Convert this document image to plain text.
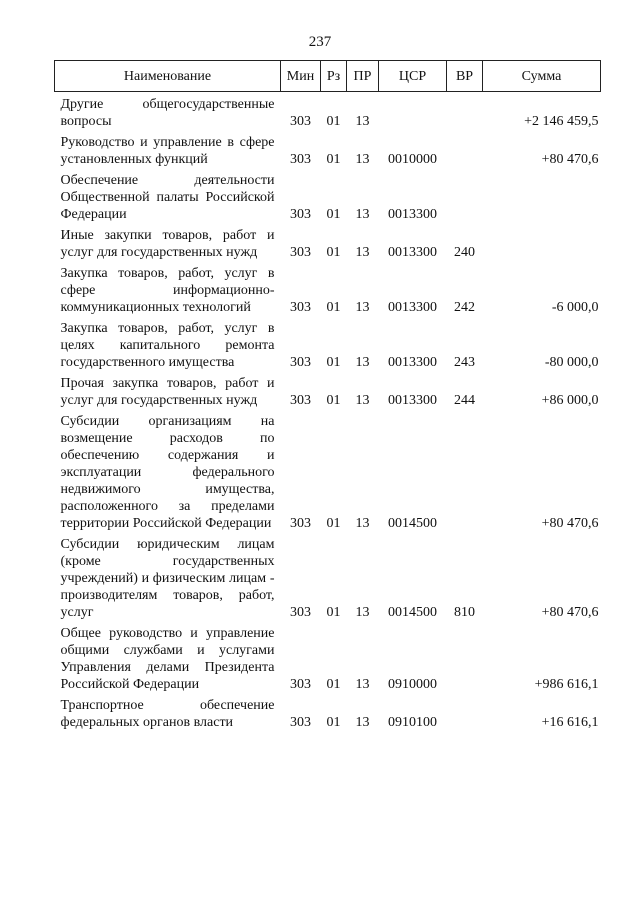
237
Наименование	Мин	Рз	ПР	ЦСР	ВР	Сумма
Другие общегосударственные вопросы	303	01	13			+2 146 459,5
Руководство и управление в сфере установленных функций	303	01	13	0010000		+80 470,6
Обеспечение деятельности Общественной палаты Российской Федерации	303	01	13	0013300		
Иные закупки товаров, работ и услуг для государственных нужд	303	01	13	0013300	240	
Закупка товаров, работ, услуг в сфере информационно-коммуникационных технологий	303	01	13	0013300	242	-6 000,0
Закупка товаров, работ, услуг в целях капитального ремонта государственного имущества	303	01	13	0013300	243	-80 000,0
Прочая закупка товаров, работ и услуг для государственных нужд	303	01	13	0013300	244	+86 000,0
Субсидии организациям на возмещение расходов по обеспечению содержания и эксплуатации федерального недвижимого имущества, расположенного за пределами территории Российской Федерации	303	01	13	0014500		+80 470,6
Субсидии юридическим лицам (кроме государственных учреждений) и физическим лицам - производителям товаров, работ, услуг	303	01	13	0014500	810	+80 470,6
Общее руководство и управление общими службами и услугами Управления делами Президента Российской Федерации	303	01	13	0910000		+986 616,1
Транспортное обеспечение федеральных органов власти	303	01	13	0910100		+16 616,1
